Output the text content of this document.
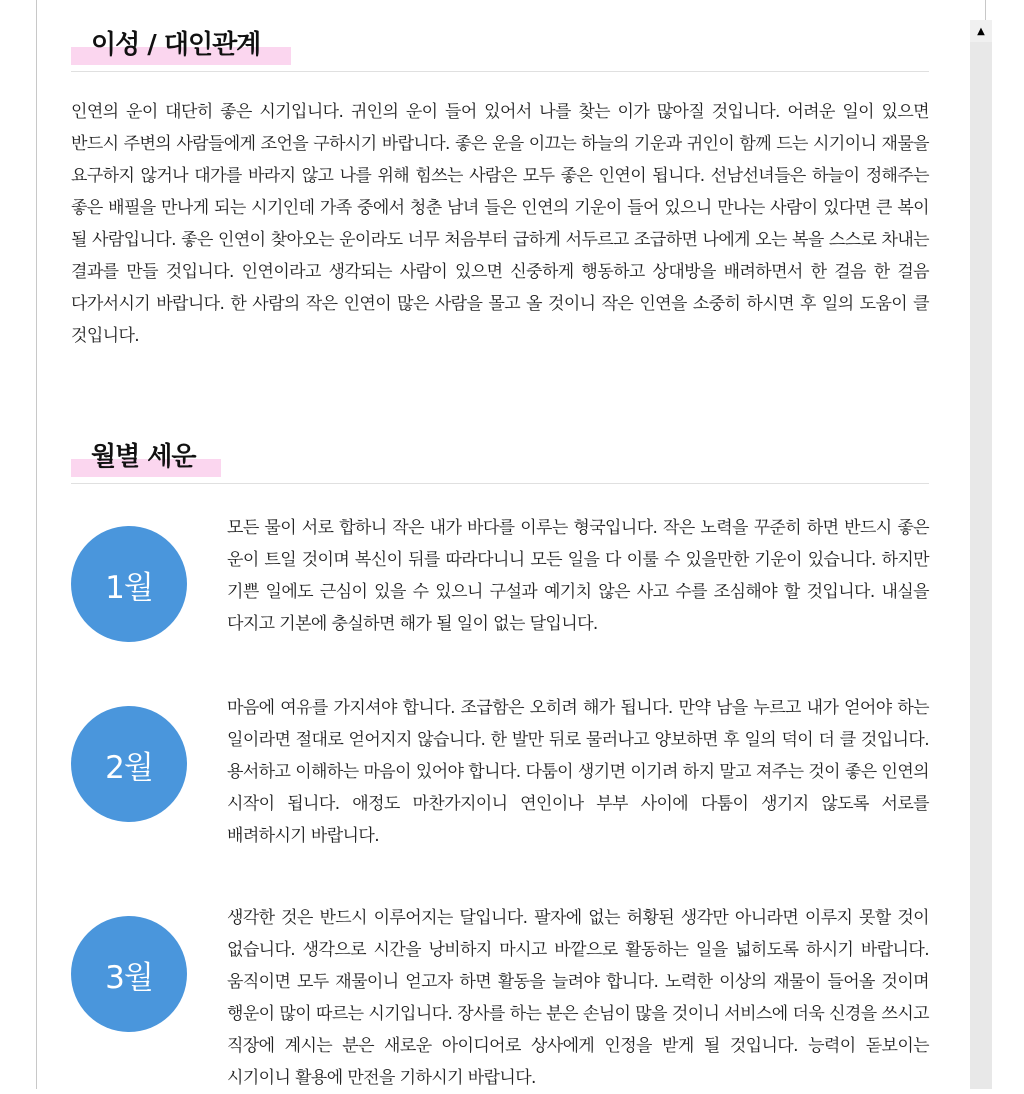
이성 / 대인관계

인연의 운이 대단히 좋은 시기입니다. 귀인의 운이 들어 있어서 나를 찾는 이가 많아질 것입니다. 어려운 일이 있으면 반드시 주변의 사람들에게 조언을 구하시기 바랍니다. 좋은 운을 이끄는 하늘의 기운과 귀인이 함께 드는 시기이니 재물을 요구하지 않거나 대가를 바라지 않고 나를 위해 힘쓰는 사람은 모두 좋은 인연이 됩니다. 선남선녀들은 하늘이 정해주는 좋은 배필을 만나게 되는 시기인데 가족 중에서 청춘 남녀 들은 인연의 기운이 들어 있으니 만나는 사람이 있다면 큰 복이 될 사람입니다. 좋은 인연이 찾아오는 운이라도 너무 처음부터 급하게 서두르고 조급하면 나에게 오는 복을 스스로 차내는 결과를 만들 것입니다. 인연이라고 생각되는 사람이 있으면 신중하게 행동하고 상대방을 배려하면서 한 걸음 한 걸음 다가서시기 바랍니다. 한 사람의 작은 인연이 많은 사람을 몰고 올 것이니 작은 인연을 소중히 하시면 후 일의 도움이 클 것입니다.

월별 세운
1월

모든 물이 서로 합하니 작은 내가 바다를 이루는 형국입니다. 작은 노력을 꾸준히 하면 반드시 좋은 운이 트일 것이며 복신이 뒤를 따라다니니 모든 일을 다 이룰 수 있을만한 기운이 있습니다. 하지만 기쁜 일에도 근심이 있을 수 있으니 구설과 예기치 않은 사고 수를 조심해야 할 것입니다. 내실을 다지고 기본에 충실하면 해가 될 일이 없는 달입니다.

2월

마음에 여유를 가지셔야 합니다. 조급함은 오히려 해가 됩니다. 만약 남을 누르고 내가 얻어야 하는 일이라면 절대로 얻어지지 않습니다. 한 발만 뒤로 물러나고 양보하면 후 일의 덕이 더 클 것입니다. 용서하고 이해하는 마음이 있어야 합니다. 다툼이 생기면 이기려 하지 말고 져주는 것이 좋은 인연의 시작이 됩니다. 애정도 마찬가지이니 연인이나 부부 사이에 다툼이 생기지 않도록 서로를 배려하시기 바랍니다.

3월

생각한 것은 반드시 이루어지는 달입니다. 팔자에 없는 허황된 생각만 아니라면 이루지 못할 것이 없습니다. 생각으로 시간을 낭비하지 마시고 바깥으로 활동하는 일을 넓히도록 하시기 바랍니다. 움직이면 모두 재물이니 얻고자 하면 활동을 늘려야 합니다. 노력한 이상의 재물이 들어올 것이며 행운이 많이 따르는 시기입니다. 장사를 하는 분은 손님이 많을 것이니 서비스에 더욱 신경을 쓰시고 직장에 계시는 분은 새로운 아이디어로 상사에게 인정을 받게 될 것입니다. 능력이 돋보이는 시기이니 활용에 만전을 기하시기 바랍니다.

▲
